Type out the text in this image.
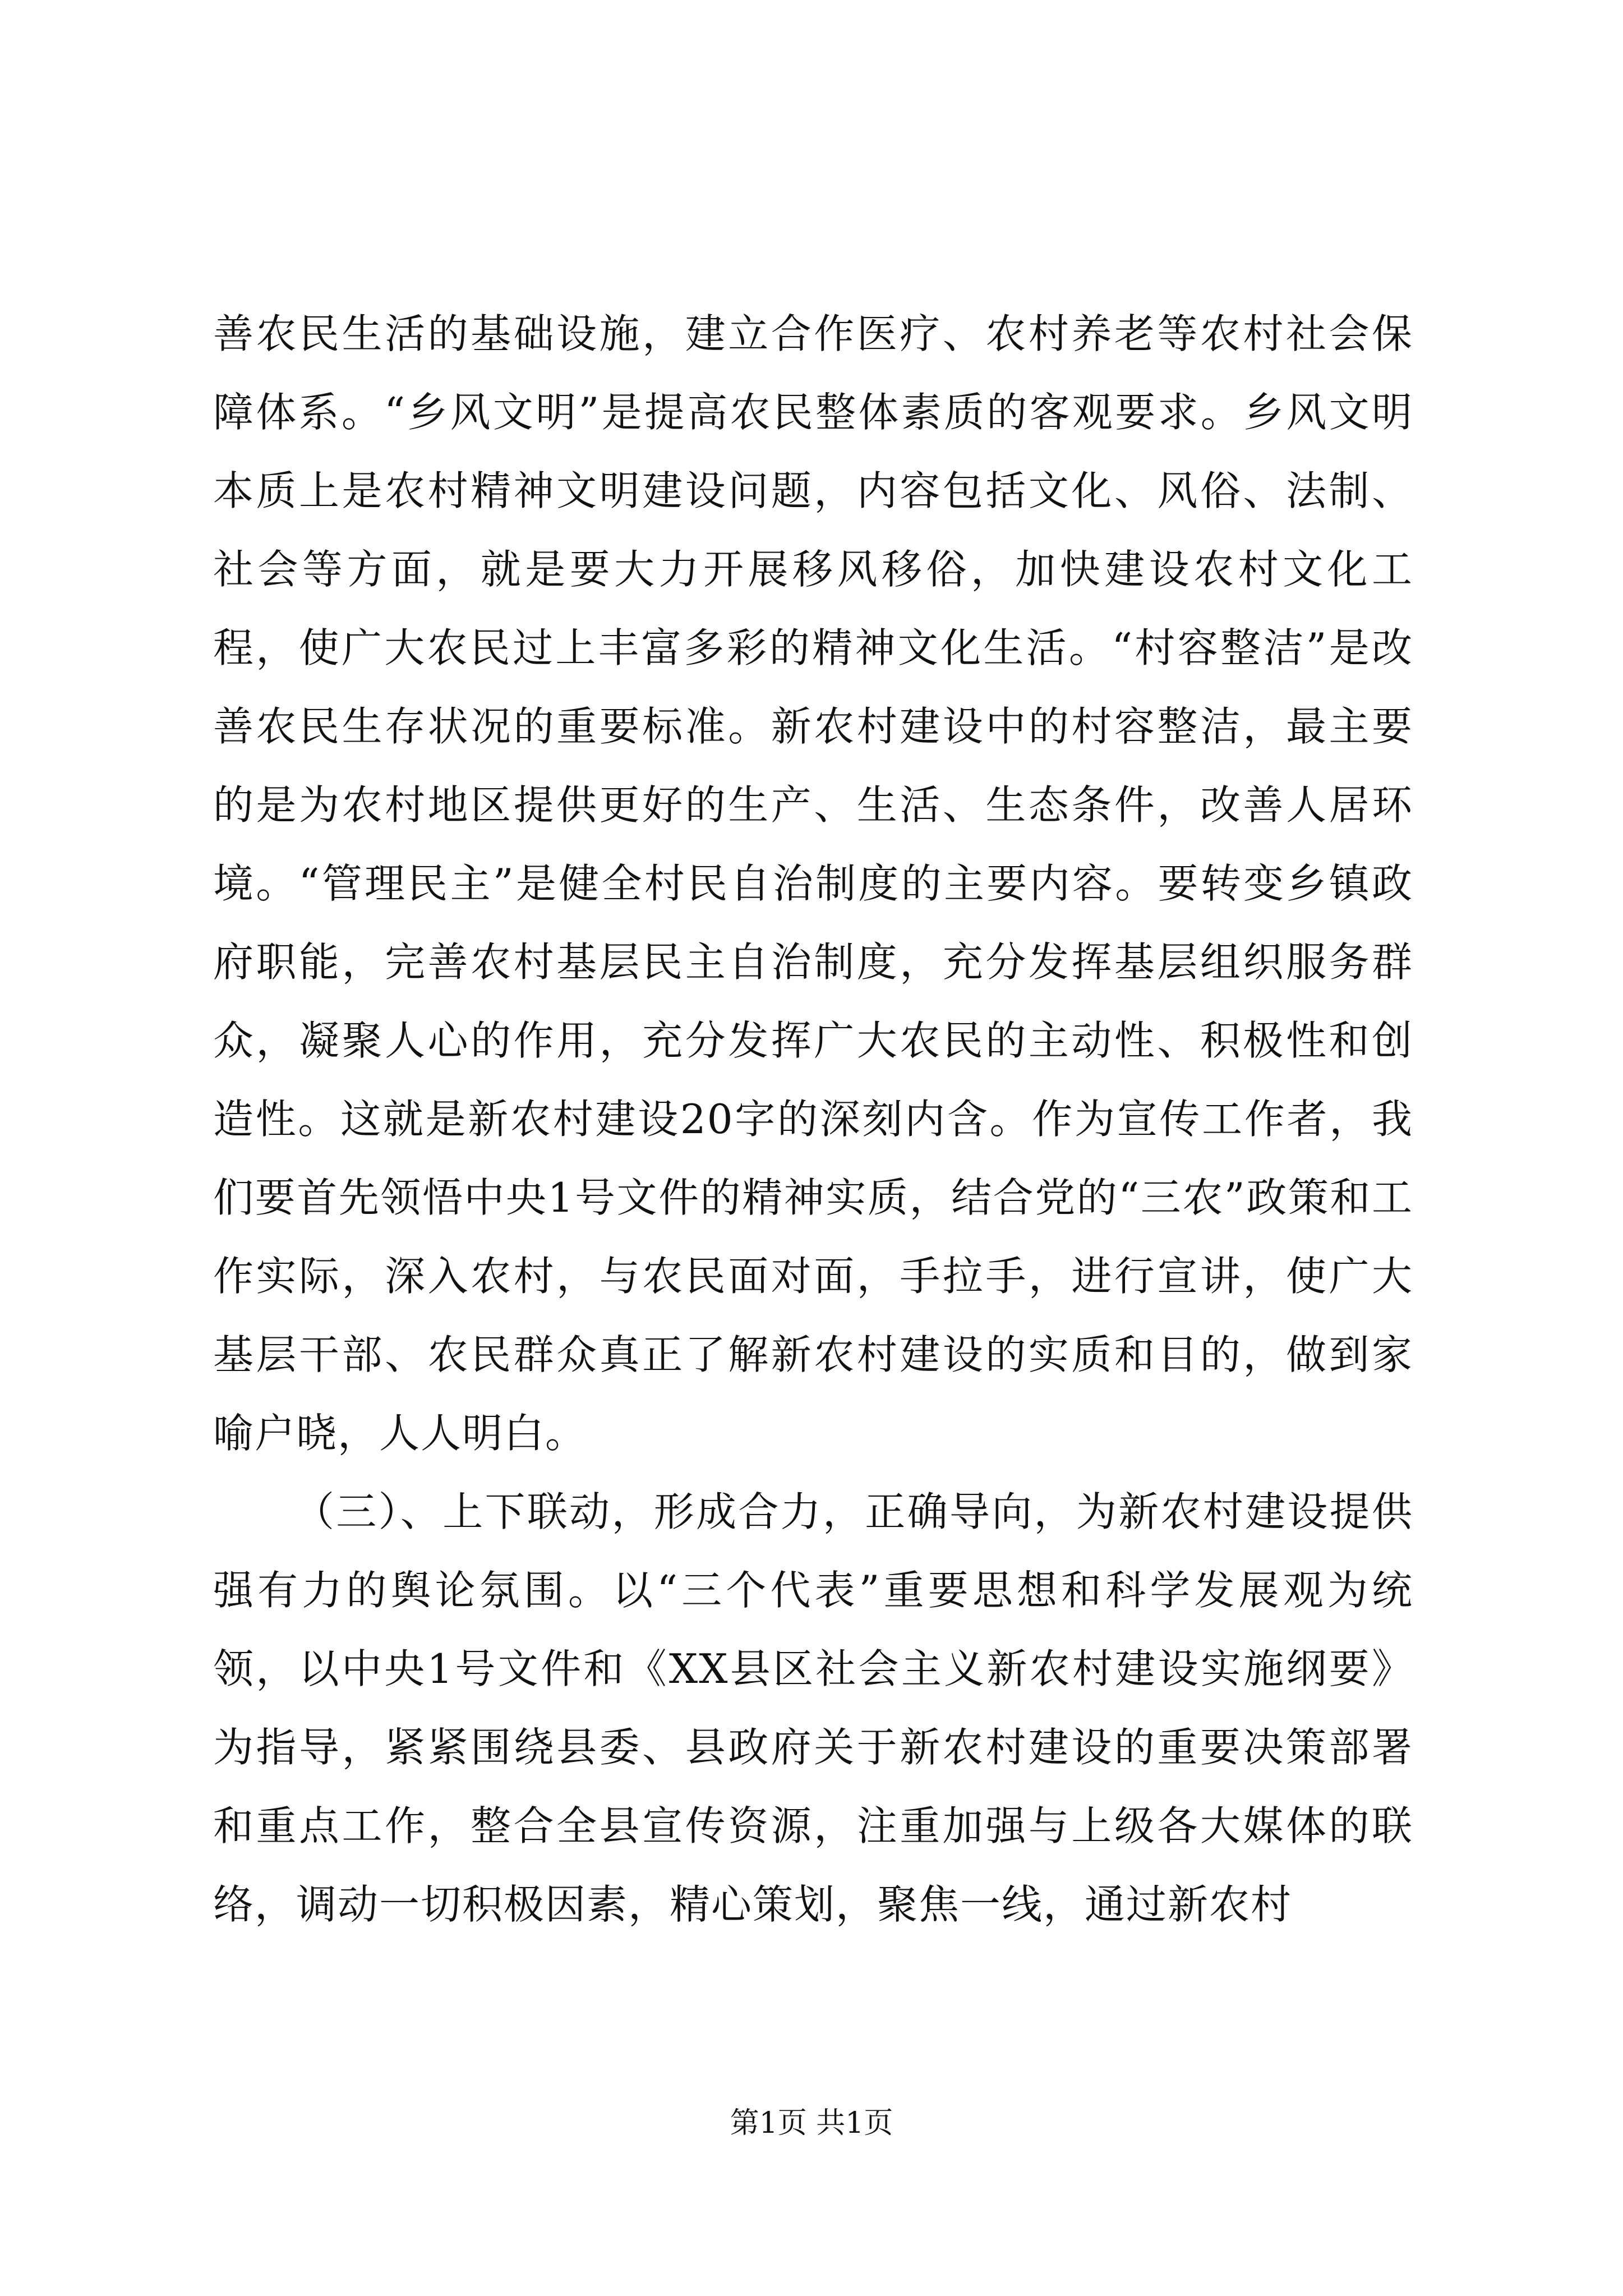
善农民生活的基础设施，建立合作医疗、农村养老等农村社会保障体系。“乡风文明”是提高农民整体素质的客观要求。乡风文明本质上是农村精神文明建设问题，内容包括文化、风俗、法制、社会等方面，就是要大力开展移风移俗，加快建设农村文化工程，使广大农民过上丰富多彩的精神文化生活。“村容整洁”是改善农民生存状况的重要标准。新农村建设中的村容整洁，最主要的是为农村地区提供更好的生产、生活、生态条件，改善人居环境。“管理民主”是健全村民自治制度的主要内容。要转变乡镇政府职能，完善农村基层民主自治制度，充分发挥基层组织服务群众，凝聚人心的作用，充分发挥广大农民的主动性、积极性和创造性。这就是新农村建设20字的深刻内含。作为宣传工作者，我们要首先领悟中央1号文件的精神实质，结合党的“三农”政策和工作实际，深入农村，与农民面对面，手拉手，进行宣讲，使广大基层干部、农民群众真正了解新农村建设的实质和目的，做到家喻户晓，人人明白。

（三）、上下联动，形成合力，正确导向，为新农村建设提供强有力的舆论氛围。以“三个代表”重要思想和科学发展观为统领，以中央1号文件和《XX县区社会主义新农村建设实施纲要》为指导，紧紧围绕县委、县政府关于新农村建设的重要决策部署和重点工作，整合全县宣传资源，注重加强与上级各大媒体的联络，调动一切积极因素，精心策划，聚焦一线，通过新农村

第1页 共1页
